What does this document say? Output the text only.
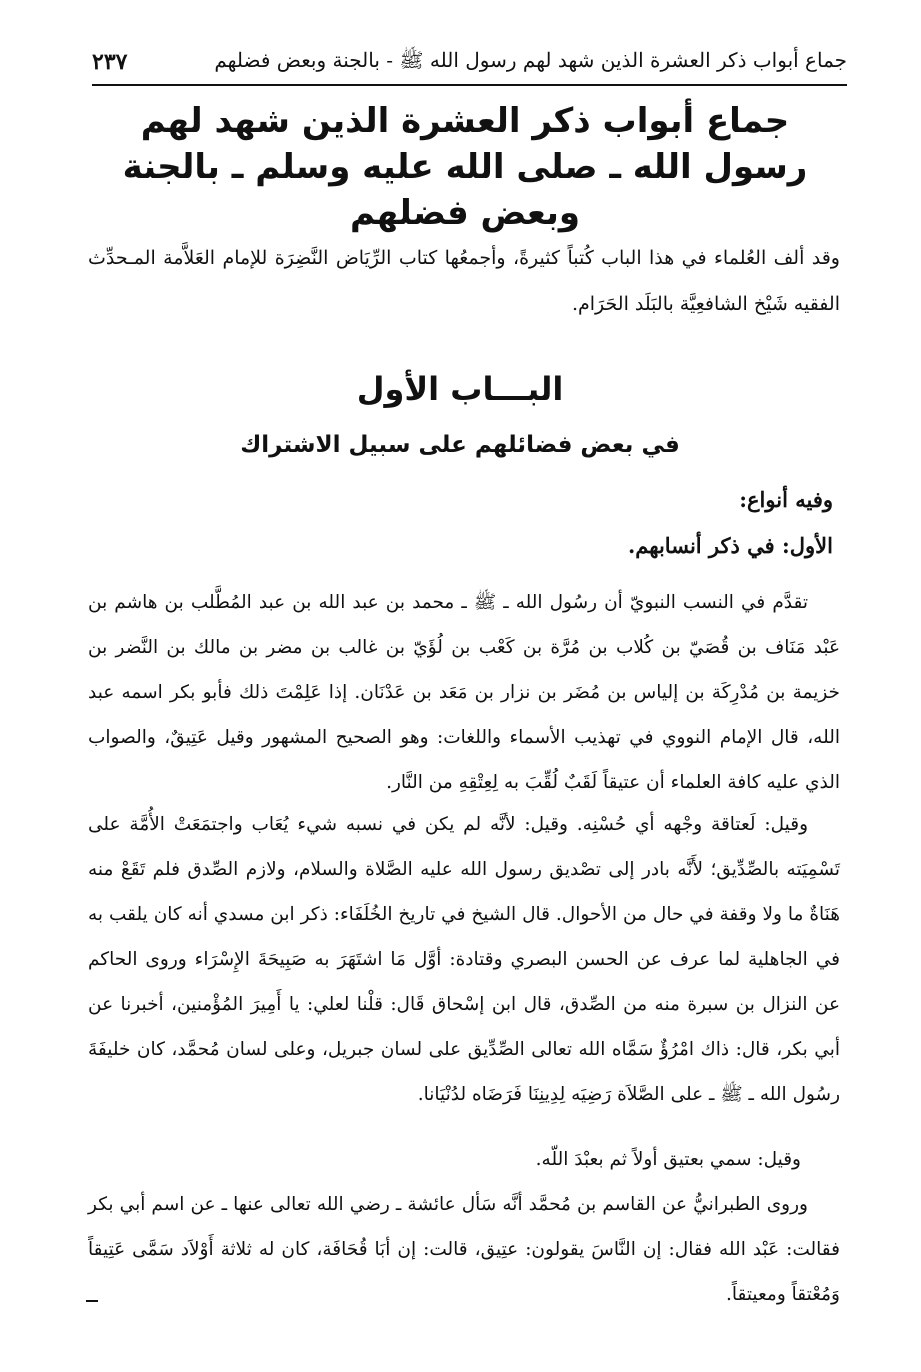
جماع أبواب ذكر العشرة الذين شهد لهم رسول الله ﷺ - بالجنة وبعض فضلهم
٢٣٧
جماع أبواب ذكر العشرة الذين شهد لهم
رسول الله ـ صلى الله عليه وسلم ـ بالجنة
وبعض فضلهم
وقد ألف العُلماء في هذا الباب كُتباً كثيرةً، وأجمعُها كتاب الرِّيَاض النَّضِرَة للإمام العَلاَّمة المـحدِّث الفقيه شَيْخ الشافعِيَّة بالبَلَد الحَرَام.
البـــاب الأول
في بعض فضائلهم على سبيل الاشتراك
وفيه أنواع:
الأول: في ذكر أنسابهم.
تقدَّم في النسب النبويّ أن رسُول الله ـ ﷺ ـ محمد بن عبد الله بن عبد المُطَّلب بن هاشم بن عَبْد مَنَاف بن قُصَيّ بن كُلاب بن مُرَّة بن كَعْب بن لُؤَيّ بن غالب بن مضر بن مالك بن النَّضر بن خزيمة بن مُدْرِكَة بن إلياس بن مُضَر بن نزار بن مَعَد بن عَدْنَان. إذا عَلِمْتَ ذلك فأبو بكر اسمه عبد الله، قال الإمام النووي في تهذيب الأسماء واللغات: وهو الصحيح المشهور وقيل عَتِيقٌ، والصواب الذي عليه كافة العلماء أن عتيقاً لَقَبٌ لُقِّبَ به لِعِتْقِهِ من النَّار.
وقيل: لَعتاقة وجْهه أي حُسْنِه. وقيل: لأنَّه لم يكن في نسبه شيء يُعَاب واجتمَعَتْ الأُمَّة على تَسْمِيَته بالصِّدِّيق؛ لأَنَّه بادر إلى تصْديق رسول الله عليه الصَّلاة والسلام، ولازم الصِّدق فلم تَقَعْ منه هَنَاةٌ ما ولا وقفة في حال من الأحوال. قال الشيخ في تاريخ الخُلَفَاء: ذكر ابن مسدي أنه كان يلقب به في الجاهلية لما عرف عن الحسن البصري وقتادة: أوَّل مَا اشتَهَرَ به صَبِيحَةَ الإِسْرَاء وروى الحاكم عن النزال بن سبرة منه من الصِّدق، قال ابن إسْحاق قَال: قلْنا لعلي: يا أَمِيرَ المُؤْمنين، أخبرنا عن أبي بكر، قال: ذاك امْرُؤٌ سَمَّاه الله تعالى الصِّدِّيق على لسان جبريل، وعلى لسان مُحمَّد، كان خليفَةَ رسُول الله ـ ﷺ ـ على الصَّلاَة رَضِيَه لِدِينِنَا فَرَضَاه لدُنْيَانا.
وقيل: سمي بعتيق أولاً ثم بعبْدَ اللّه.
وروى الطبرانيُّ عن القاسم بن مُحمَّد أنَّه سَأل عائشة ـ رضي الله تعالى عنها ـ عن اسم أبي بكر فقالت: عَبْد الله فقال: إن النَّاسَ يقولون: عتِيق، قالت: إن أبَا قُحَافَة، كان له ثلاثة أَوْلاَد سَمَّى عَتِيقاً وَمُعْتقاً ومعيتقاً.
